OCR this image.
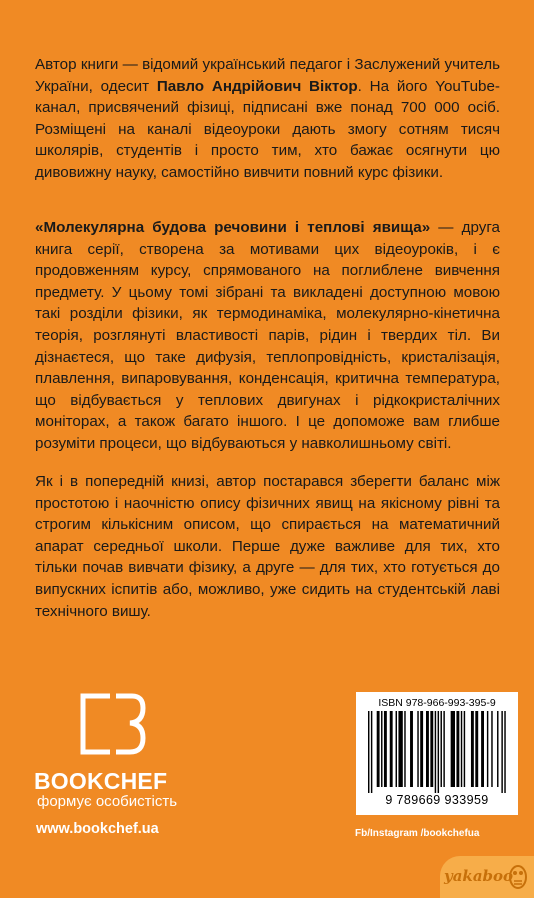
Автор книги — відомий український педагог і Заслужений учитель України, одесит Павло Андрійович Віктор. На його YouTube-канал, присвячений фізиці, підписані вже понад 700 000 осіб. Розміщені на каналі відеоуроки дають змогу сотням тисяч школярів, студентів і просто тим, хто бажає осягнути цю дивовижну науку, самостійно вивчити повний курс фізики.
«Молекулярна будова речовини і теплові явища» — друга книга серії, створена за мотивами цих відеоуроків, і є продовженням курсу, спрямованого на поглиблене вивчення предмету. У цьому томі зібрані та викладені доступною мовою такі розділи фізики, як термодинаміка, молекулярно-кінетична теорія, розглянуті властивості парів, рідин і твердих тіл. Ви дізнаєтеся, що таке дифузія, теплопровідність, кристалізація, плавлення, випаровування, конденсація, критична температура, що відбувається у теплових двигунах і рідкокристалічних моніторах, а також багато іншого. І це допоможе вам глибше розуміти процеси, що відбуваються у навколишньому світі.
Як і в попередній книзі, автор постарався зберегти баланс між простотою і наочністю опису фізичних явищ на якісному рівні та строгим кількісним описом, що спирається на математичний апарат середньої школи. Перше дуже важливе для тих, хто тільки почав вивчати фізику, а друге — для тих, хто готується до випускних іспитів або, можливо, уже сидить на студентській лаві технічного вишу.
BOOKCHEF
формує особистість
www.bookchef.ua	Fb/Instagram /bookchefua
ISBN 978-966-993-395-9
9 789669 933959
yakaboo
